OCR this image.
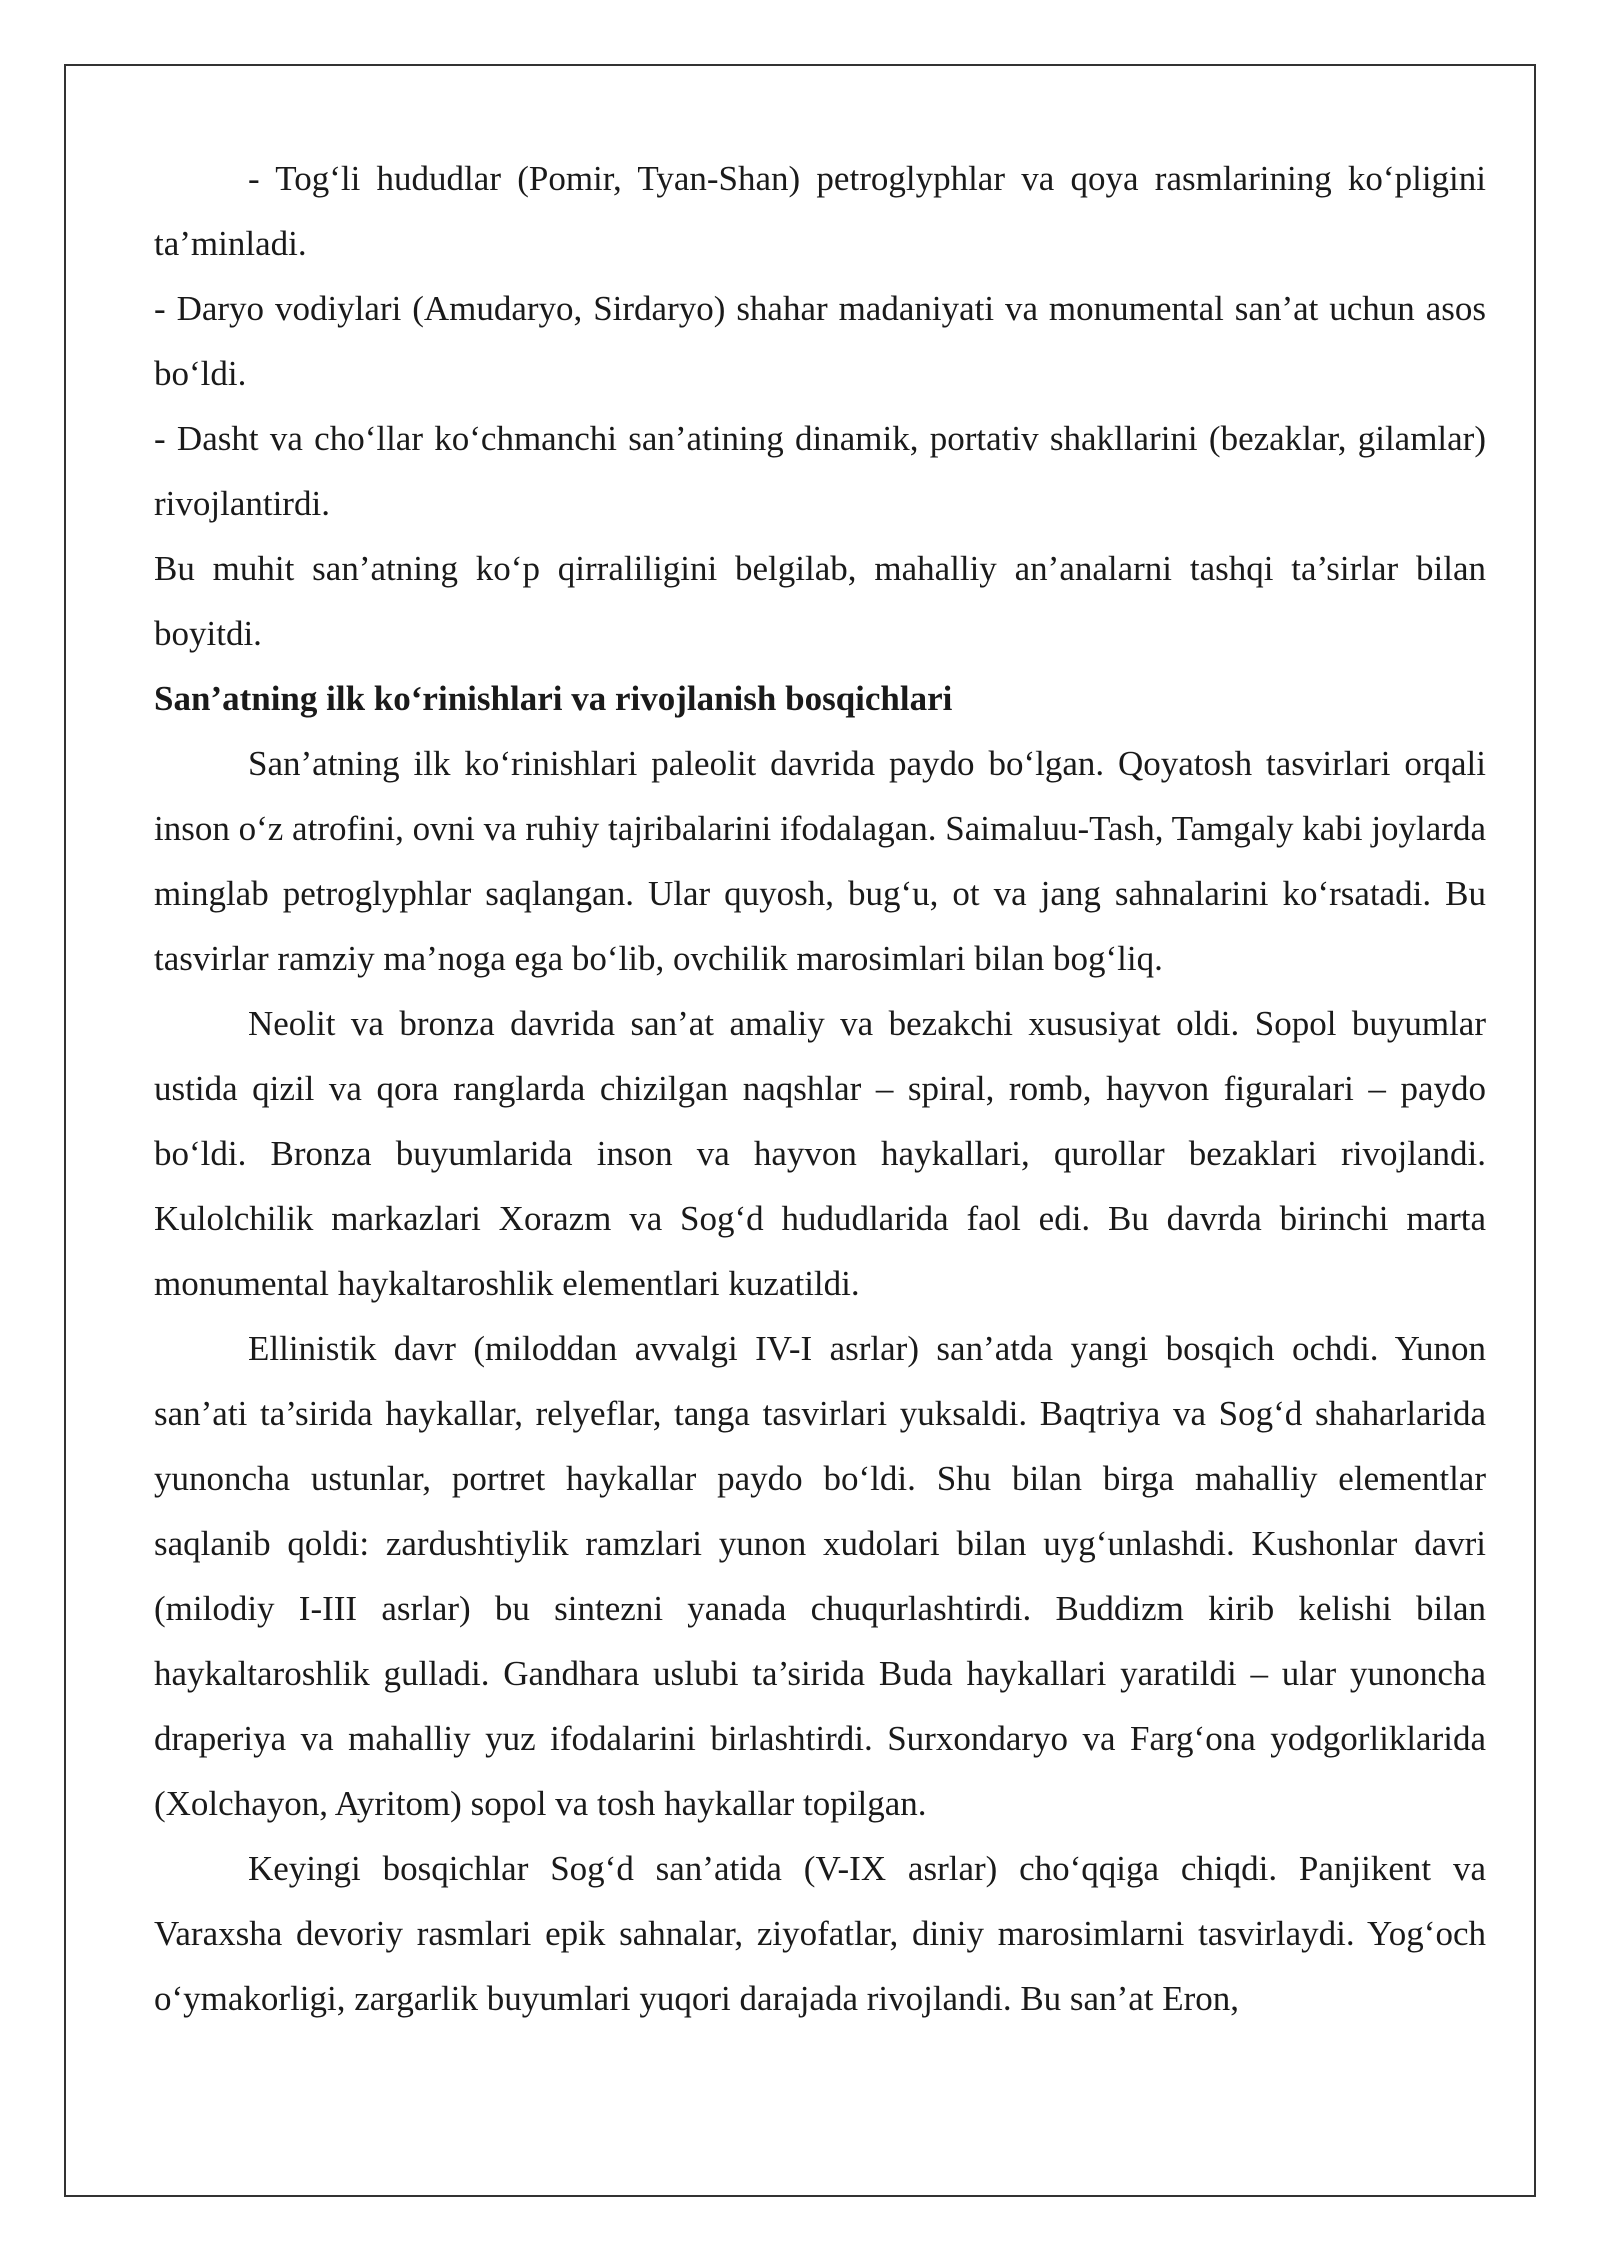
- Tog‘li hududlar (Pomir, Tyan-Shan) petroglyphlar va qoya rasmlarining ko‘pligini ta’minladi.

- Daryo vodiylari (Amudaryo, Sirdaryo) shahar madaniyati va monumental san’at uchun asos bo‘ldi.

- Dasht va cho‘llar ko‘chmanchi san’atining dinamik, portativ shakllarini (bezaklar, gilamlar) rivojlantirdi.

Bu muhit san’atning ko‘p qirraliligini belgilab, mahalliy an’analarni tashqi ta’sirlar bilan boyitdi.

San’atning ilk ko‘rinishlari va rivojlanish bosqichlari

San’atning ilk ko‘rinishlari paleolit davrida paydo bo‘lgan. Qoyatosh tasvirlari orqali inson o‘z atrofini, ovni va ruhiy tajribalarini ifodalagan. Saimaluu-Tash, Tamgaly kabi joylarda minglab petroglyphlar saqlangan. Ular quyosh, bug‘u, ot va jang sahnalarini ko‘rsatadi. Bu tasvirlar ramziy ma’noga ega bo‘lib, ovchilik marosimlari bilan bog‘liq.

Neolit va bronza davrida san’at amaliy va bezakchi xususiyat oldi. Sopol buyumlar ustida qizil va qora ranglarda chizilgan naqshlar – spiral, romb, hayvon figuralari – paydo bo‘ldi. Bronza buyumlarida inson va hayvon haykallari, qurollar bezaklari rivojlandi. Kulolchilik markazlari Xorazm va Sog‘d hududlarida faol edi. Bu davrda birinchi marta monumental haykaltaroshlik elementlari kuzatildi.

Ellinistik davr (miloddan avvalgi IV-I asrlar) san’atda yangi bosqich ochdi. Yunon san’ati ta’sirida haykallar, relyeflar, tanga tasvirlari yuksaldi. Baqtriya va Sog‘d shaharlarida yunoncha ustunlar, portret haykallar paydo bo‘ldi. Shu bilan birga mahalliy elementlar saqlanib qoldi: zardushtiylik ramzlari yunon xudolari bilan uyg‘unlashdi. Kushonlar davri (milodiy I-III asrlar) bu sintezni yanada chuqurlashtirdi. Buddizm kirib kelishi bilan haykaltaroshlik gulladi. Gandhara uslubi ta’sirida Buda haykallari yaratildi – ular yunoncha draperiya va mahalliy yuz ifodalarini birlashtirdi. Surxondaryo va Farg‘ona yodgorliklarida (Xolchayon, Ayritom) sopol va tosh haykallar topilgan.

Keyingi bosqichlar Sog‘d san’atida (V-IX asrlar) cho‘qqiga chiqdi. Panjikent va Varaxsha devoriy rasmlari epik sahnalar, ziyofatlar, diniy marosimlarni tasvirlaydi. Yog‘och o‘ymakorligi, zargarlik buyumlari yuqori darajada rivojlandi. Bu san’at Eron,
